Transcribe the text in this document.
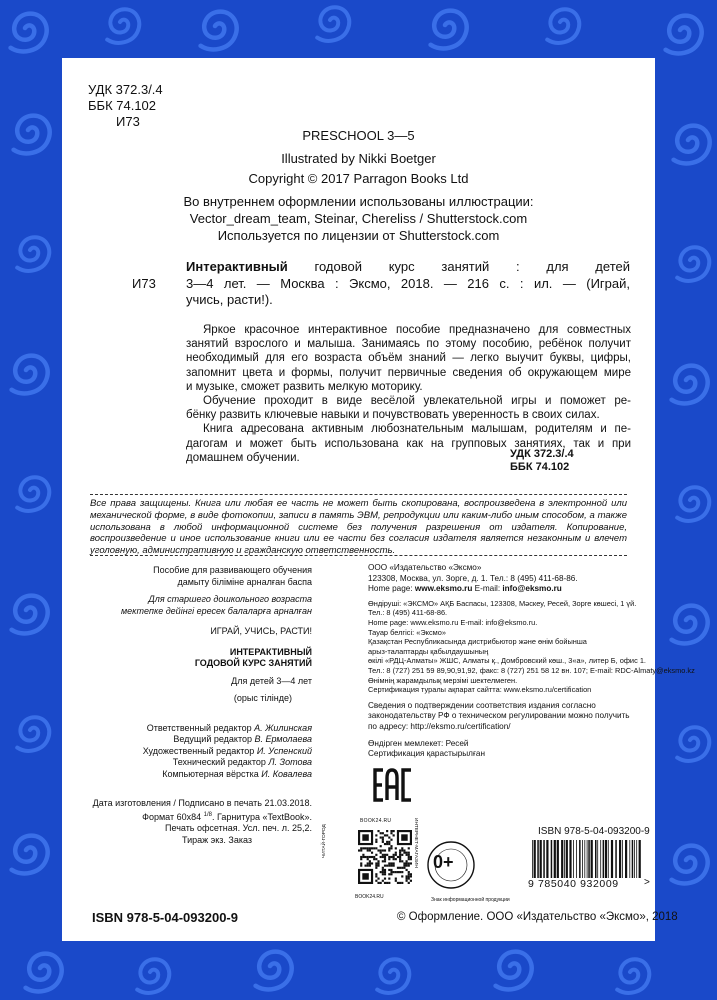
УДК 372.3/.4
ББК 74.102
И73
PRESCHOOL 3—5
Illustrated by Nikki Boetger
Copyright © 2017 Parragon Books Ltd
Во внутреннем оформлении использованы иллюстрации:
Vector_dream_team, Steinar, Chereliss / Shutterstock.com
Используется по лицензии от Shutterstock.com
И73
Интерактивный годовой курс занятий : для детей
3—4 лет. — Москва : Эксмо, 2018. — 216 с. : ил. — (Играй,
учись, расти!).
Яркое красочное интерактивное пособие предназначено для совместных
занятий взрослого и малыша. Занимаясь по этому пособию, ребёнок получит
необходимый для его возраста объём знаний — легко выучит буквы, цифры,
запомнит цвета и формы, получит первичные сведения об окружающем мире
и музыке, сможет развить мелкую моторику.
Обучение проходит в виде весёлой увлекательной игры и поможет ре-
бёнку развить ключевые навыки и почувствовать уверенность в своих силах.
Книга адресована активным любознательным малышам, родителям и пе-
дагогам и может быть использована как на групповых занятиях, так и при
домашнем обучении.	УДК 372.3/.4
ББК 74.102
Все права защищены. Книга или любая ее часть не может быть скопирована, воспроизведена в электронной или механической форме, в виде фотокопии, записи в память ЭВМ, репродукции или каким-либо иным способом, а также использована в любой информационной системе без получения разрешения от издателя. Копирование, воспроизведение и иное использование книги или ее части без согласия издателя является незаконным и влечет уголовную, административную и гражданскую ответственность.
Пособие для развивающего обучения
дамыту біліміне арналған баспа
Для старшего дошкольного возраста
мектепке дейінгі ересек балаларға арналған
ИГРАЙ, УЧИСЬ, РАСТИ!
ИНТЕРАКТИВНЫЙ
ГОДОВОЙ КУРС ЗАНЯТИЙ
Для детей 3—4 лет
(орыс тілінде)
Ответственный редактор А. Жилинская
Ведущий редактор В. Ермолаева
Художественный редактор И. Успенский
Технический редактор Л. Зотова
Компьютерная вёрстка И. Ковалева
Дата изготовления / Подписано в печать 21.03.2018.
Формат 60x84 $^{1/8}$. Гарнитура «TextBook».
Печать офсетная. Усл. печ. л. 25,2.
Тираж экз. Заказ
ООО «Издательство «Эксмо»
123308, Москва, ул. Зорге, д. 1. Тел.: 8 (495) 411-68-86.
Home page: www.eksmo.ru E-mail: info@eksmo.ru
Өндіруші: «ЭКСМО» АҚБ Баспасы, 123308, Мәскеу, Ресей, Зорге көшесі, 1 үй.
Тел.: 8 (495) 411-68-86.
Home page: www.eksmo.ru E-mail: info@eksmo.ru.
Тауар белгісі: «Эксмо»
Қазақстан Республикасында дистрибьютор және өнім бойынша
арыз-талаптарды қабылдаушының
өкілі «РДЦ-Алматы» ЖШС, Алматы қ., Домбровский көш., 3«а», литер Б, офис 1.
Тел.: 8 (727) 251 59 89,90,91,92, факс: 8 (727) 251 58 12 вн. 107; E-mail: RDC-Almaty@eksmo.kz
Өнімнің жарамдылық мерзімі шектелмеген.
Сертификация туралы ақпарат сайтта: www.eksmo.ru/certification
Сведения о подтверждении соответствия издания согласно
законодательству РФ о техническом регулировании можно получить
по адресу: http://eksmo.ru/certification/
Өндірген мемлекет: Ресей
Сертификация қарастырылған
BOOK24.RU
BOOK24.RU
ЧИТАЙ-ГОРОД	ИНТЕРНЕТ-МАГАЗИН
Знак информационной продукции
0+
ISBN 978-5-04-093200-9
9 785040 932009	>
ISBN 978-5-04-093200-9	© Оформление. ООО «Издательство «Эксмо», 2018
